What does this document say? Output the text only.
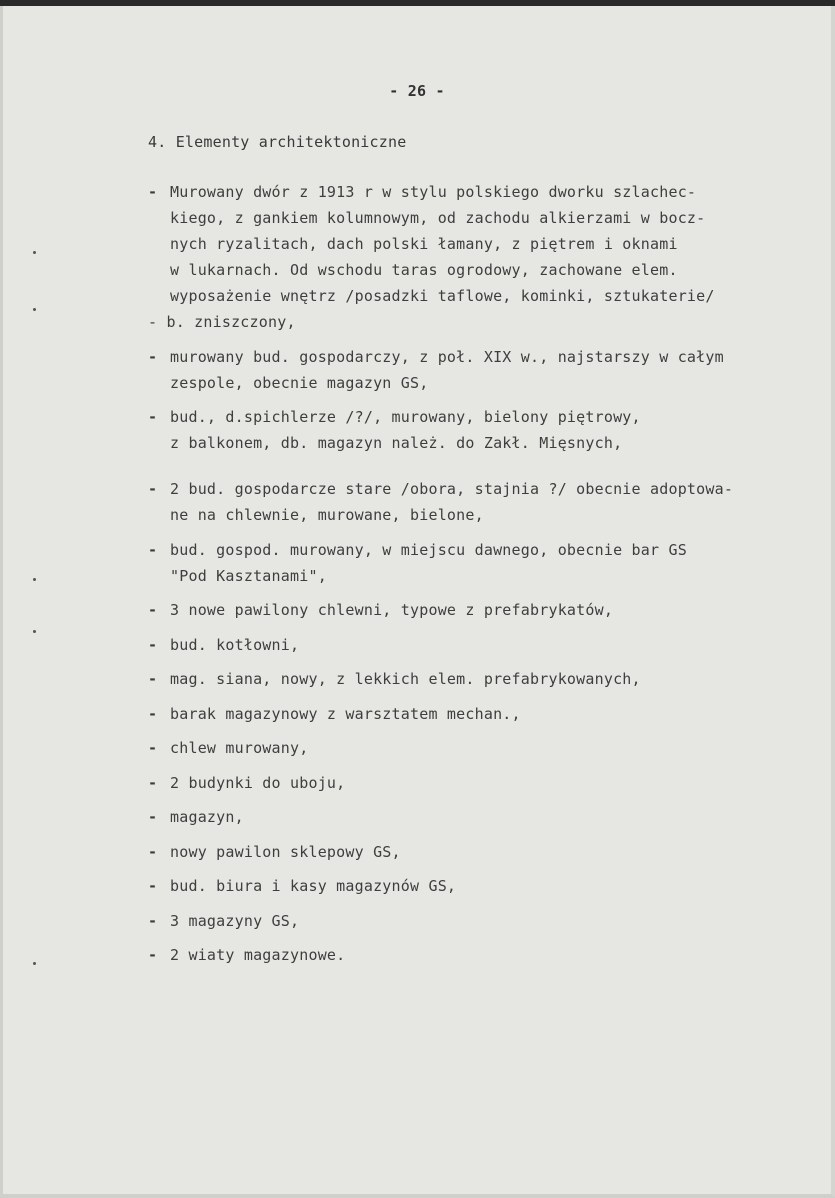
- 26 -
4. Elementy architektoniczne
- Murowany dwór z 1913 r w stylu polskiego dworku szlachec-
kiego, z gankiem kolumnowym, od zachodu alkierzami w bocz-
nych ryzalitach, dach polski łamany, z piętrem i oknami
w lukarnach. Od wschodu taras ogrodowy, zachowane elem.
wyposażenie wnętrz /posadzki taflowe, kominki, sztukaterie/
- b. zniszczony,
- murowany bud. gospodarczy, z poł. XIX w., najstarszy w całym
zespole, obecnie magazyn GS,
- bud., d.spichlerze /?/, murowany, bielony piętrowy,
z balkonem, db. magazyn należ. do Zakł. Mięsnych,
- 2 bud. gospodarcze stare /obora, stajnia ?/ obecnie adoptowa-
ne na chlewnie, murowane, bielone,
- bud. gospod. murowany, w miejscu dawnego, obecnie bar GS
"Pod Kasztanami",
- 3 nowe pawilony chlewni, typowe z prefabrykatów,
- bud. kotłowni,
- mag. siana, nowy, z lekkich elem. prefabrykowanych,
- barak magazynowy z warsztatem mechan.,
- chlew murowany,
- 2 budynki do uboju,
- magazyn,
- nowy pawilon sklepowy GS,
- bud. biura i kasy magazynów GS,
- 3 magazyny GS,
- 2 wiaty magazynowe.
